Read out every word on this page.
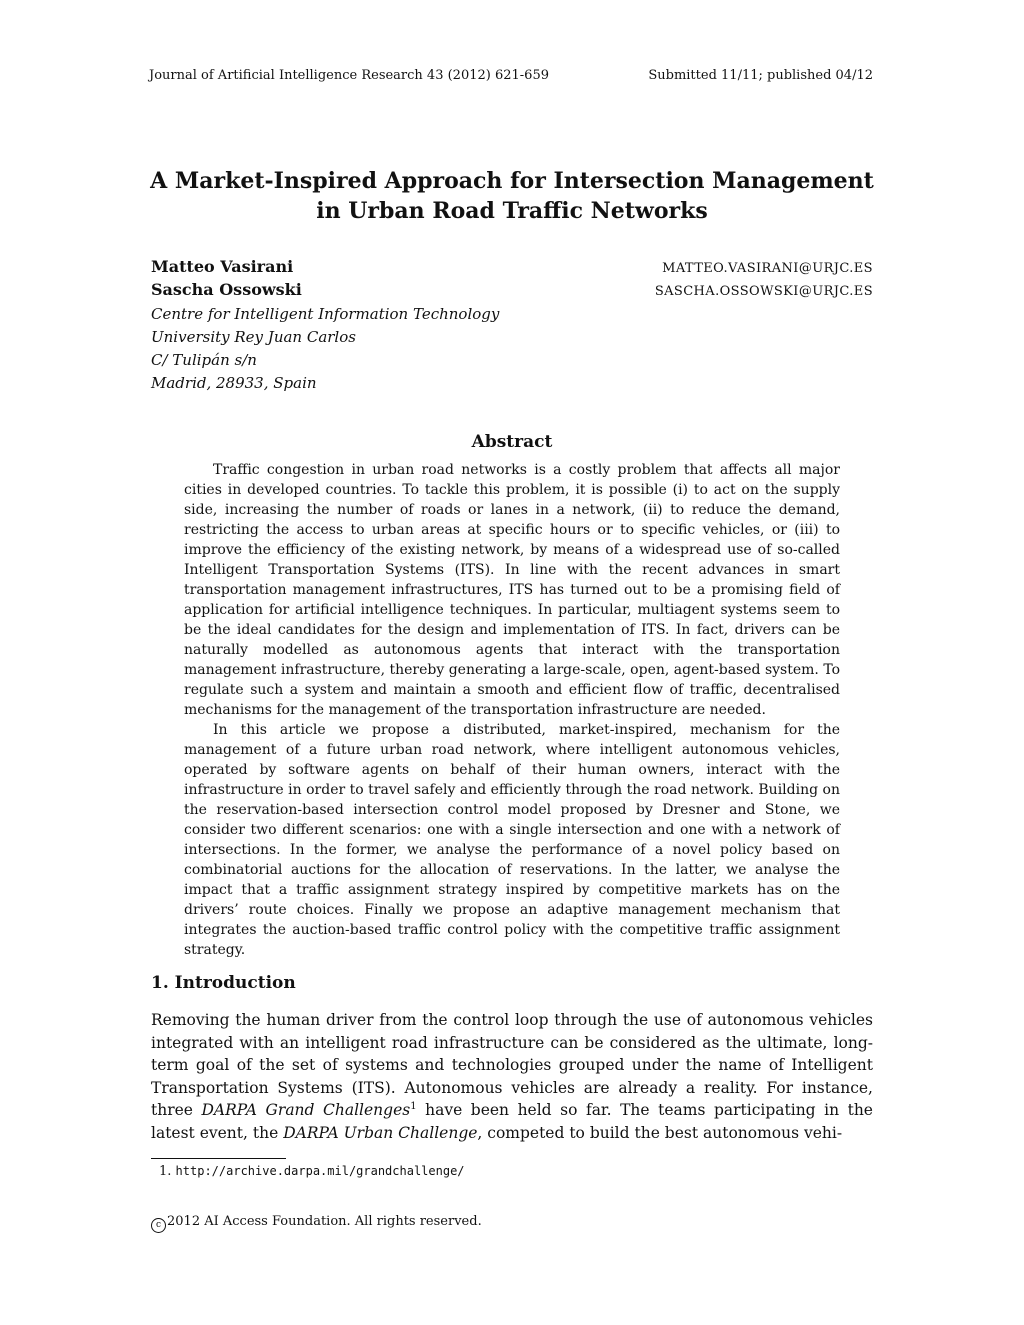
Journal of Artificial Intelligence Research 43 (2012) 621-659	Submitted 11/11; published 04/12
A Market-Inspired Approach for Intersection Management
in Urban Road Traffic Networks
Matteo Vasirani	MATTEO.VASIRANI@URJC.ES
Sascha Ossowski	SASCHA.OSSOWSKI@URJC.ES
Centre for Intelligent Information Technology
University Rey Juan Carlos
C/ Tulipán s/n
Madrid, 28933, Spain
Abstract

Traffic congestion in urban road networks is a costly problem that affects all major cities in developed countries. To tackle this problem, it is possible (i) to act on the supply side, increasing the number of roads or lanes in a network, (ii) to reduce the demand, restricting the access to urban areas at specific hours or to specific vehicles, or (iii) to improve the efficiency of the existing network, by means of a widespread use of so-called Intelligent Transportation Systems (ITS). In line with the recent advances in smart transportation management infrastructures, ITS has turned out to be a promising field of application for artificial intelligence techniques. In particular, multiagent systems seem to be the ideal candidates for the design and implementation of ITS. In fact, drivers can be naturally modelled as autonomous agents that interact with the transportation management infrastructure, thereby generating a large-scale, open, agent-based system. To regulate such a system and maintain a smooth and efficient flow of traffic, decentralised mechanisms for the management of the transportation infrastructure are needed.

In this article we propose a distributed, market-inspired, mechanism for the management of a future urban road network, where intelligent autonomous vehicles, operated by software agents on behalf of their human owners, interact with the infrastructure in order to travel safely and efficiently through the road network. Building on the reservation-based intersection control model proposed by Dresner and Stone, we consider two different scenarios: one with a single intersection and one with a network of intersections. In the former, we analyse the performance of a novel policy based on combinatorial auctions for the allocation of reservations. In the latter, we analyse the impact that a traffic assignment strategy inspired by competitive markets has on the drivers’ route choices. Finally we propose an adaptive management mechanism that integrates the auction-based traffic control policy with the competitive traffic assignment strategy.

1. Introduction

Removing the human driver from the control loop through the use of autonomous vehicles integrated with an intelligent road infrastructure can be considered as the ultimate, long-term goal of the set of systems and technologies grouped under the name of Intelligent Transportation Systems (ITS). Autonomous vehicles are already a reality. For instance, three DARPA Grand Challenges$^1$ have been held so far. The teams participating in the latest event, the DARPA Urban Challenge, competed to build the best autonomous vehi-

1. http://archive.darpa.mil/grandchallenge/
c 2012 AI Access Foundation. All rights reserved.
